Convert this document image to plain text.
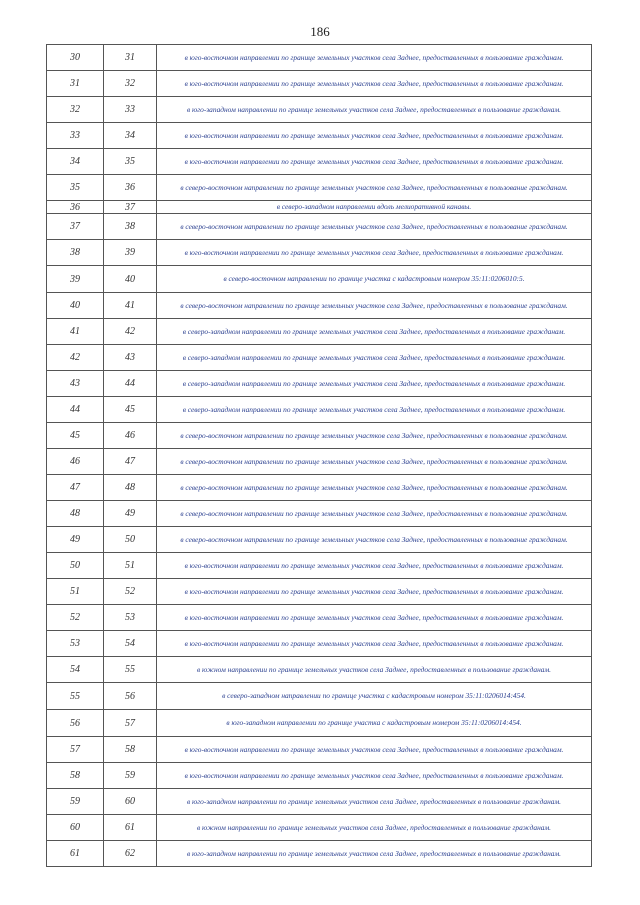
186
30	31	в юго-восточном направлении по границе земельных участков села Заднее, предоставленных в пользование гражданам.
31	32	в юго-восточном направлении по границе земельных участков села Заднее, предоставленных в пользование гражданам.
32	33	в юго-западном направлении по границе земельных участков села Заднее, предоставленных в пользование гражданам.
33	34	в юго-восточном направлении по границе земельных участков села Заднее, предоставленных в пользование гражданам.
34	35	в юго-восточном направлении по границе земельных участков села Заднее, предоставленных в пользование гражданам.
35	36	в северо-восточном направлении по границе земельных участков села Заднее, предоставленных в пользование гражданам.
36	37	в северо-западном направлении вдоль мелиоративной канавы.
37	38	в северо-восточном направлении по границе земельных участков села Заднее, предоставленных в пользование гражданам.
38	39	в юго-восточном направлении по границе земельных участков села Заднее, предоставленных в пользование гражданам.
39	40	в северо-восточном направлении по границе участка с кадастровым номером 35:11:0206010:5.
40	41	в северо-восточном направлении по границе земельных участков села Заднее, предоставленных в пользование гражданам.
41	42	в северо-западном направлении по границе земельных участков села Заднее, предоставленных в пользование гражданам.
42	43	в северо-западном направлении по границе земельных участков села Заднее, предоставленных в пользование гражданам.
43	44	в северо-западном направлении по границе земельных участков села Заднее, предоставленных в пользование гражданам.
44	45	в северо-западном направлении по границе земельных участков села Заднее, предоставленных в пользование гражданам.
45	46	в северо-восточном направлении по границе земельных участков села Заднее, предоставленных в пользование гражданам.
46	47	в северо-восточном направлении по границе земельных участков села Заднее, предоставленных в пользование гражданам.
47	48	в северо-восточном направлении по границе земельных участков села Заднее, предоставленных в пользование гражданам.
48	49	в северо-восточном направлении по границе земельных участков села Заднее, предоставленных в пользование гражданам.
49	50	в северо-восточном направлении по границе земельных участков села Заднее, предоставленных в пользование гражданам.
50	51	в юго-восточном направлении по границе земельных участков села Заднее, предоставленных в пользование гражданам.
51	52	в юго-восточном направлении по границе земельных участков села Заднее, предоставленных в пользование гражданам.
52	53	в юго-восточном направлении по границе земельных участков села Заднее, предоставленных в пользование гражданам.
53	54	в юго-восточном направлении по границе земельных участков села Заднее, предоставленных в пользование гражданам.
54	55	в южном направлении по границе земельных участков села Заднее, предоставленных в пользование гражданам.
55	56	в северо-западном направлении по границе участка с кадастровым номером 35:11:0206014:454.
56	57	в юго-западном направлении по границе участка с кадастровым номером 35:11:0206014:454.
57	58	в юго-восточном направлении по границе земельных участков села Заднее, предоставленных в пользование гражданам.
58	59	в юго-восточном направлении по границе земельных участков села Заднее, предоставленных в пользование гражданам.
59	60	в юго-западном направлении по границе земельных участков села Заднее, предоставленных в пользование гражданам.
60	61	в южном направлении по границе земельных участков села Заднее, предоставленных в пользование гражданам.
61	62	в юго-западном направлении по границе земельных участков села Заднее, предоставленных в пользование гражданам.
